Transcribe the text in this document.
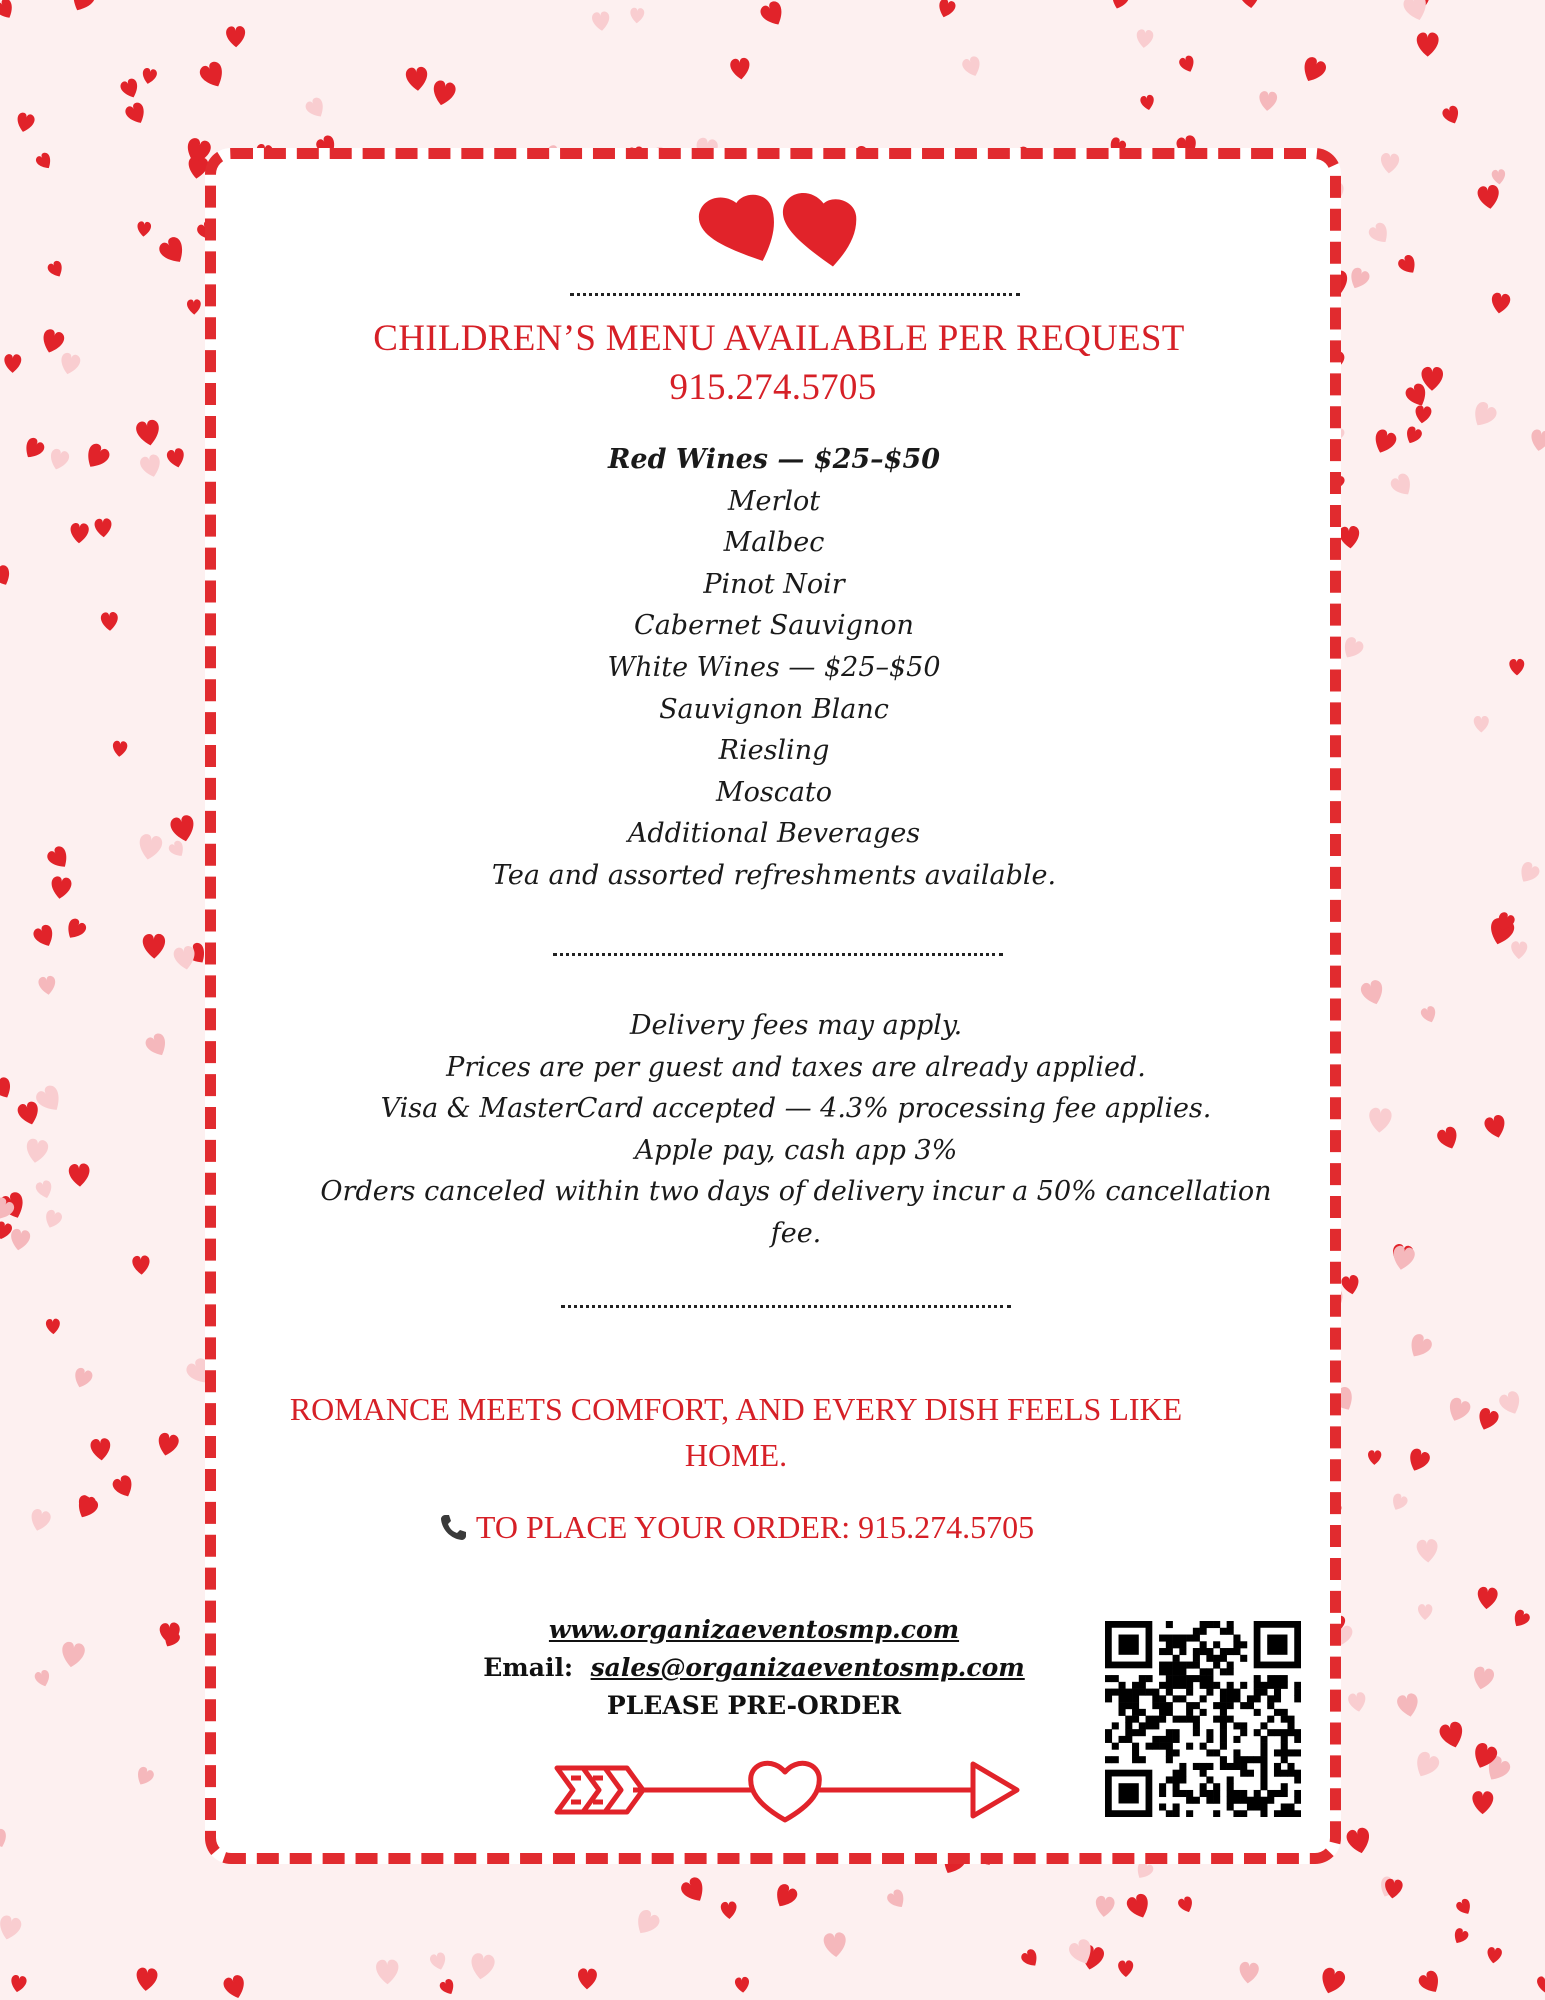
CHILDREN’S MENU AVAILABLE PER REQUEST
915.274.5705
Red Wines — $25–$50
Merlot
Malbec
Pinot Noir
Cabernet Sauvignon
White Wines — $25–$50
Sauvignon Blanc
Riesling
Moscato
Additional Beverages
Tea and assorted refreshments available.
Delivery fees may apply.
Prices are per guest and taxes are already applied.
Visa & MasterCard accepted — 4.3% processing fee applies.
Apple pay, cash app 3%
Orders canceled within two days of delivery incur a 50% cancellation fee.
ROMANCE MEETS COMFORT, AND EVERY DISH FEELS LIKE HOME.
TO PLACE YOUR ORDER: 915.274.5705
www.organizaeventosmp.com
Email: sales@organizaeventosmp.com
PLEASE PRE-ORDER
